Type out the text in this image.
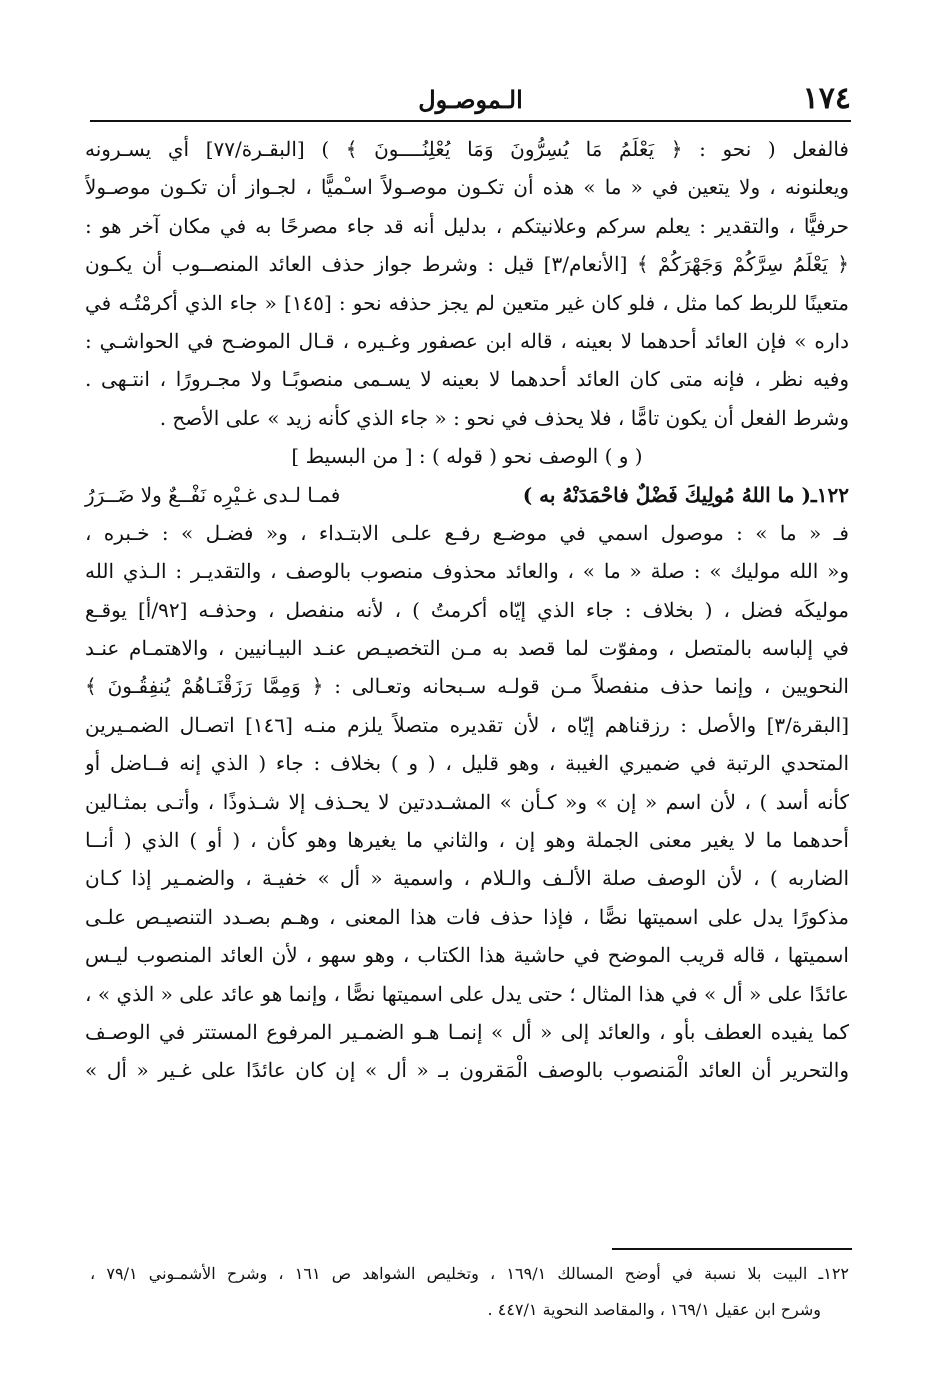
١٧٤
الـموصـول
فالفعل ( نحو : ﴿ يَعْلَمُ مَا يُسِرُّونَ وَمَا يُعْلِنُــــونَ ﴾ ) [البقـرة/٧٧] أي يسـرونه
ويعلنونه ، ولا يتعين في « ما » هذه أن تكـون موصـولاً اسـْميًّا ، لجـواز أن تكـون موصـولاً
حرفيًّا ، والتقدير : يعلم سركم وعلانيتكم ، بدليل أنه قد جاء مصرحًا به في مكان آخر هو :
﴿ يَعْلَمُ سِرَّكُمْ وَجَهْرَكُمْ ﴾ [الأنعام/٣] قيل : وشرط جواز حذف العائد المنصــوب أن يكـون
متعينًا للربط كما مثل ، فلو كان غير متعين لم يجز حذفه نحو : [١٤٥] « جاء الذي أكرمْتُـه في
داره » فإن العائد أحدهما لا بعينه ، قاله ابن عصفور وغـيره ، قـال الموضـح في الحواشـي :
وفيه نظر ، فإنه متى كان العائد أحدهما لا بعينه لا يسـمى منصوبًـا ولا مجـرورًا ، انتـهى .
وشرط الفعل أن يكون تامًّا ، فلا يحذف في نحو : « جاء الذي كأنه زيد » على الأصح .
( و ) الوصف نحو ( قوله ) : [ من البسيط ]
١٢٢ـ( ما اللهُ مُولِيكَ فَضْلٌ فاحْمَدَنْهُ به )
فمـا لـدى غـيْرِه نَفْــعٌ ولا ضَــرَرُ
فـ « ما » : موصول اسمي في موضـع رفـع علـى الابتـداء ، و« فضـل » : خـبره ،
و« الله موليك » : صلة « ما » ، والعائد محذوف منصوب بالوصف ، والتقديـر : الـذي الله
موليكَه فضل ، ( بخلاف : جاء الذي إيّاه أكرمتُ ) ، لأنه منفصل ، وحذفـه [٩٢/أ] يوقـع
في إلباسه بالمتصل ، ومفوّت لما قصد به مـن التخصيـص عنـد البيـانيين ، والاهتمـام عنـد
النحويين ، وإنما حذف منفصلاً مـن قولـه سـبحانه وتعـالى : ﴿ وَمِمَّا رَزَقْنَـاهُمْ يُنفِقُـونَ ﴾
[البقرة/٣] والأصل : رزقناهم إيّاه ، لأن تقديره متصلاً يلزم منـه [١٤٦] اتصـال الضمـيرين
المتحدي الرتبة في ضميري الغيبة ، وهو قليل ، ( و ) بخلاف : جاء ( الذي إنه فــاضل أو
كأنه أسد ) ، لأن اسم « إن » و« كـأن » المشـددتين لا يحـذف إلا شـذوذًا ، وأتـى بمثـالين
أحدهما ما لا يغير معنى الجملة وهو إن ، والثاني ما يغيرها وهو كأن ، ( أو ) الذي ( أنــا
الضاربه ) ، لأن الوصف صلة الألـف والـلام ، واسمية « أل » خفيـة ، والضمـير إذا كـان
مذكورًا يدل على اسميتها نصًّا ، فإذا حذف فات هذا المعنى ، وهـم بصـدد التنصيـص علـى
اسميتها ، قاله قريب الموضح في حاشية هذا الكتاب ، وهو سهو ، لأن العائد المنصوب ليـس
عائدًا على « أل » في هذا المثال ؛ حتى يدل على اسميتها نصًّا ، وإنما هو عائد على « الذي » ،
كما يفيده العطف بأو ، والعائد إلى « أل » إنمـا هـو الضمـير المرفوع المستتر في الوصـف
والتحرير أن العائد الْمَنصوب بالوصف الْمَقرون بـ « أل » إن كان عائدًا على غـير « أل »
١٢٢ـ البيت بلا نسبة في أوضح المسالك ١٦٩/١ ، وتخليص الشواهد ص ١٦١ ، وشرح الأشمـوني ٧٩/١ ،
وشرح ابن عقيل ١٦٩/١ ، والمقاصد النحوية ٤٤٧/١ .
